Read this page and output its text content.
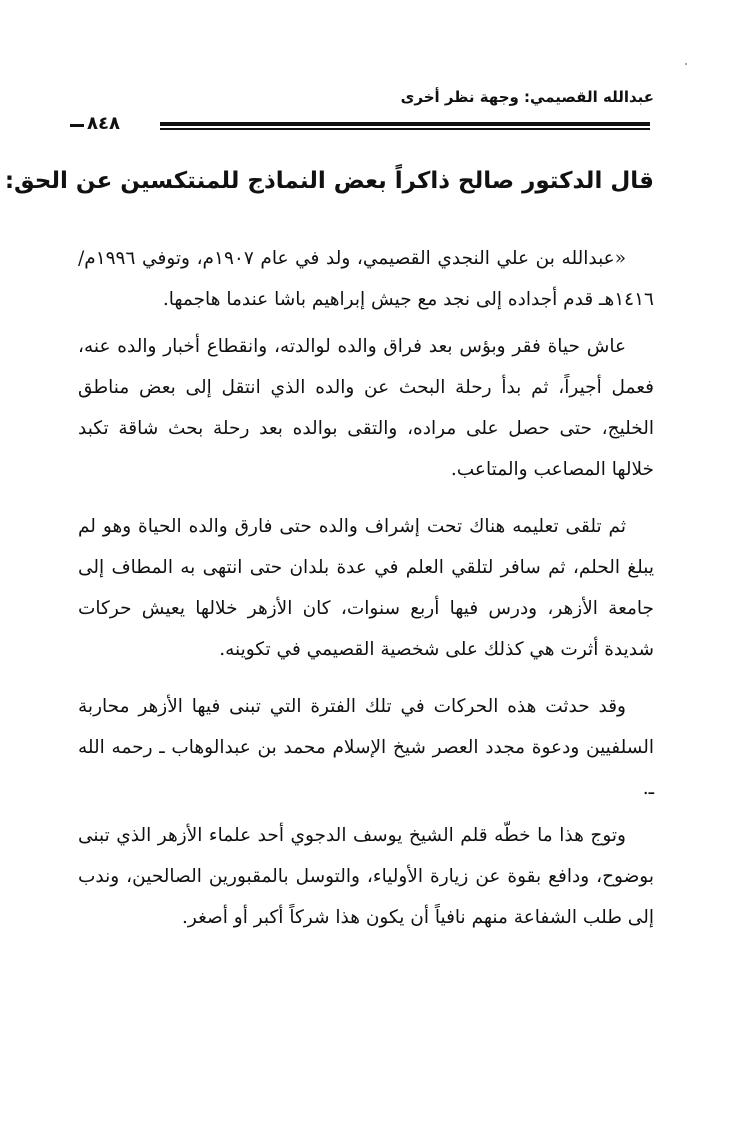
عبدالله القصيمي: وجهة نظر أخرى
٨٤٨
قال الدكتور صالح ذاكراً بعض النماذج للمنتكسين عن الحق:

«عبدالله بن علي النجدي القصيمي، ولد في عام ١٩٠٧م، وتوفي ١٩٩٦م/ ١٤١٦هـ قدم أجداده إلى نجد مع جيش إبراهيم باشا عندما هاجمها.

عاش حياة فقر وبؤس بعد فراق والده لوالدته، وانقطاع أخبار والده عنه، فعمل أجيراً، ثم بدأ رحلة البحث عن والده الذي انتقل إلى بعض مناطق الخليج، حتى حصل على مراده، والتقى بوالده بعد رحلة بحث شاقة تكبد خلالها المصاعب والمتاعب.

ثم تلقى تعليمه هناك تحت إشراف والده حتى فارق والده الحياة وهو لم يبلغ الحلم، ثم سافر لتلقي العلم في عدة بلدان حتى انتهى به المطاف إلى جامعة الأزهر، ودرس فيها أربع سنوات، كان الأزهر خلالها يعيش حركات شديدة أثرت هي كذلك على شخصية القصيمي في تكوينه.

وقد حدثت هذه الحركات في تلك الفترة التي تبنى فيها الأزهر محاربة السلفيين ودعوة مجدد العصر شيخ الإسلام محمد بن عبدالوهاب ـ رحمه الله ـ.

وتوج هذا ما خطّه قلم الشيخ يوسف الدجوي أحد علماء الأزهر الذي تبنى بوضوح، ودافع بقوة عن زيارة الأولياء، والتوسل بالمقبورين الصالحين، وندب إلى طلب الشفاعة منهم نافياً أن يكون هذا شركاً أكبر أو أصغر.
